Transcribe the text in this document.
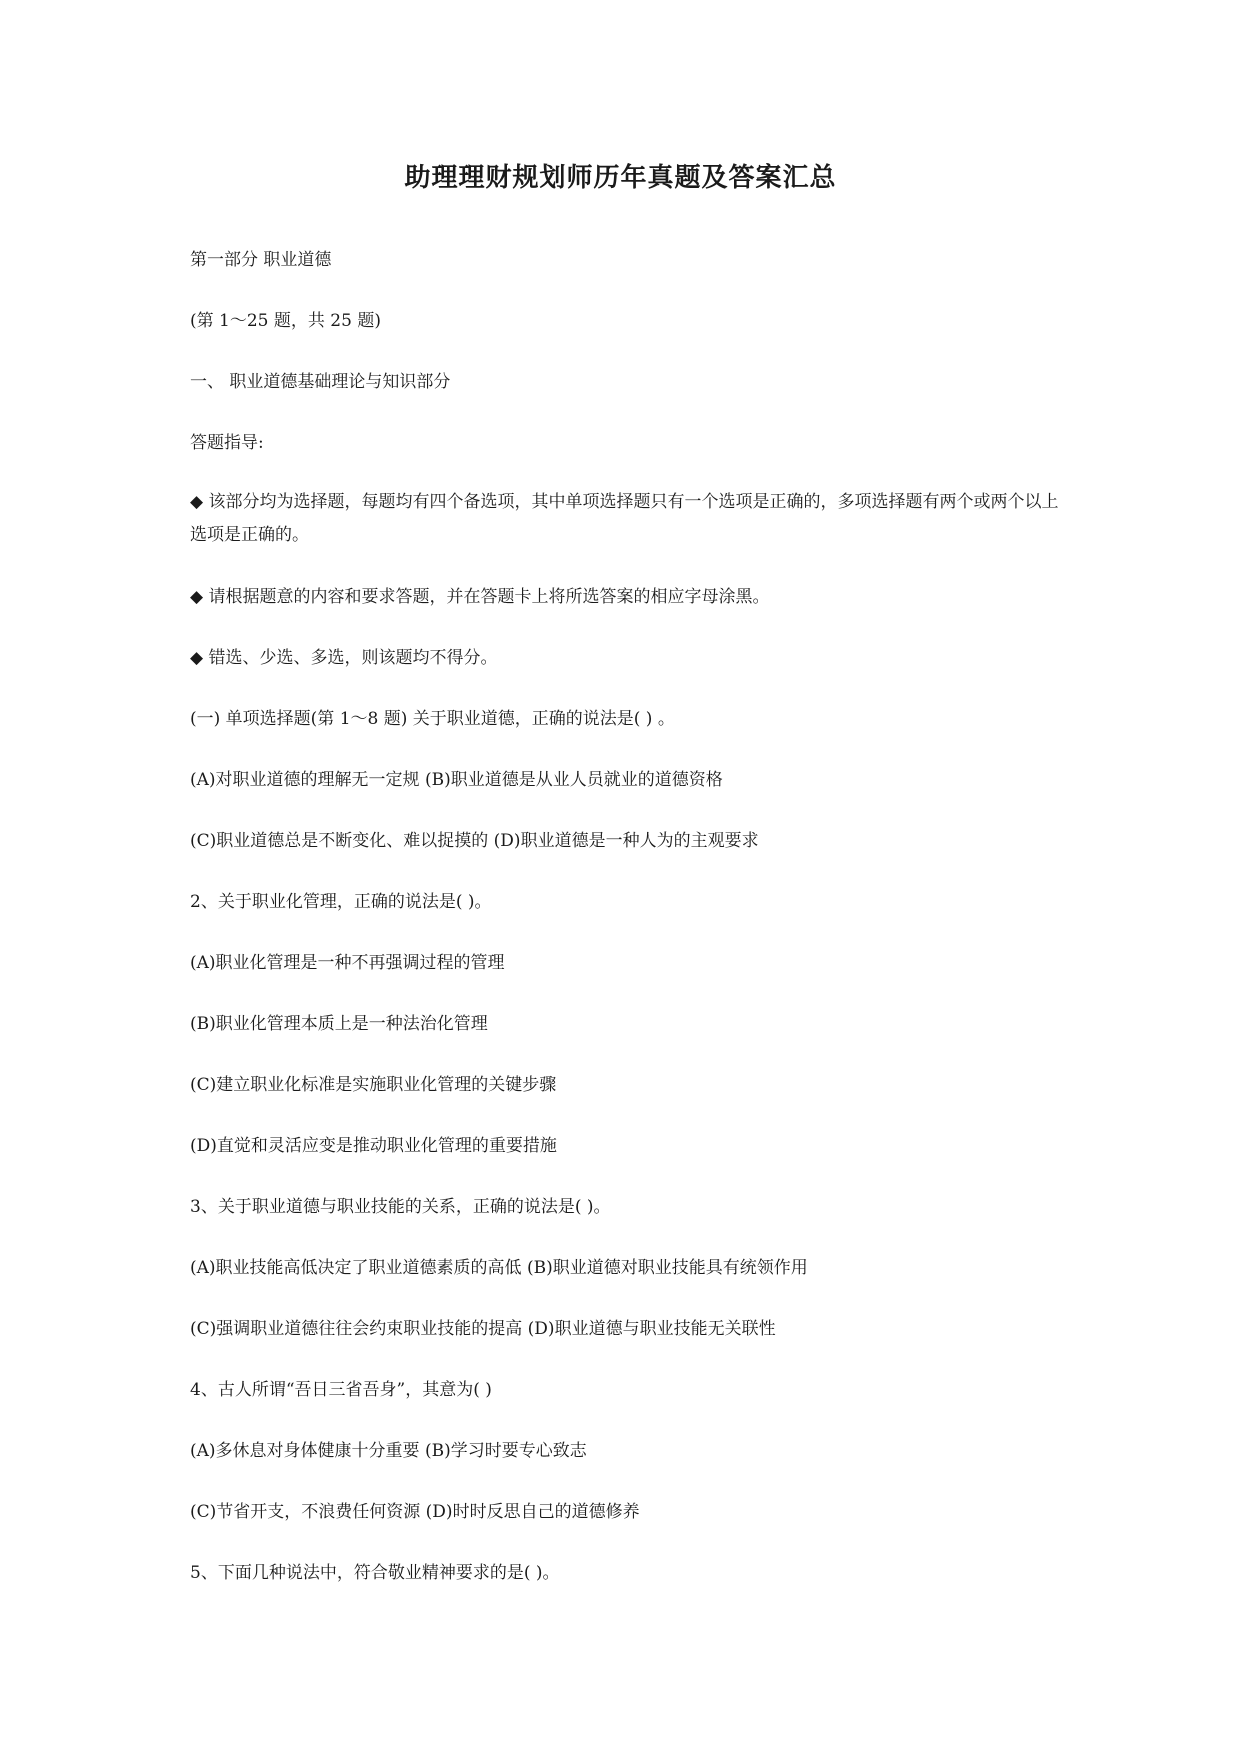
助理理财规划师历年真题及答案汇总
第一部分 职业道德
(第 1～25 题，共 25 题)
一、 职业道德基础理论与知识部分
答题指导:
◆ 该部分均为选择题，每题均有四个备选项，其中单项选择题只有一个选项是正确的，多项选择题有两个或两个以上选项是正确的。
◆ 请根据题意的内容和要求答题，并在答题卡上将所选答案的相应字母涂黑。
◆ 错选、少选、多选，则该题均不得分。
(一) 单项选择题(第 1～8 题) 关于职业道德，正确的说法是( ) 。
(A)对职业道德的理解无一定规 (B)职业道德是从业人员就业的道德资格
(C)职业道德总是不断变化、难以捉摸的 (D)职业道德是一种人为的主观要求
2、关于职业化管理，正确的说法是( )。
(A)职业化管理是一种不再强调过程的管理
(B)职业化管理本质上是一种法治化管理
(C)建立职业化标准是实施职业化管理的关键步骤
(D)直觉和灵活应变是推动职业化管理的重要措施
3、关于职业道德与职业技能的关系，正确的说法是( )。
(A)职业技能高低决定了职业道德素质的高低 (B)职业道德对职业技能具有统领作用
(C)强调职业道德往往会约束职业技能的提高 (D)职业道德与职业技能无关联性
4、古人所谓“吾日三省吾身”，其意为( )
(A)多休息对身体健康十分重要 (B)学习时要专心致志
(C)节省开支，不浪费任何资源 (D)时时反思自己的道德修养
5、下面几种说法中，符合敬业精神要求的是( )。
